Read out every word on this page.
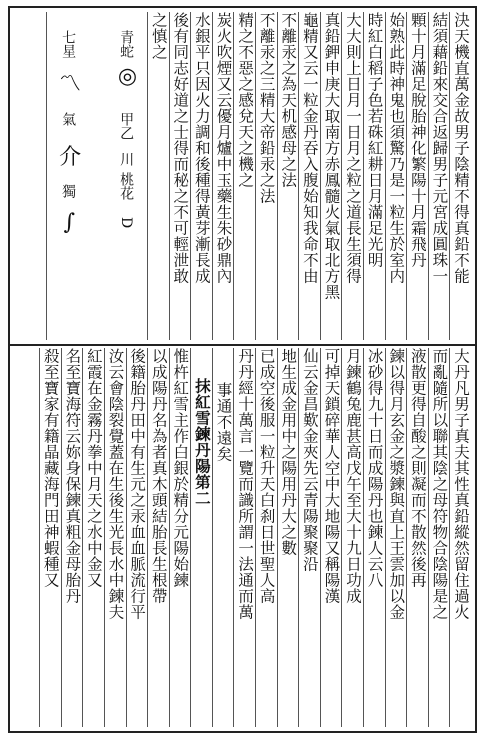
決天機直萬金故男子陰精不得真鉛不能
結須藉鉛來交合返歸男子元宮成圓珠一
顆十月滿足脫胎神化繁陽十月霜飛丹
始熟此時神鬼也須驚乃是一粒生於室内
時紅白稻子色若硃紅耕日月滿足光明
大大則上日月一日月之粒之道長生須得
真鉛鉀申庚大取南方赤鳳髓火氣取北方黑
龜精又云一粒金丹吞入腹始知我命不由
不離汞之為天机感母之法
不離汞之三精大帝鉛汞之法
精之不惡之感兌天之機之
炭火吹煙又云優月爐中玉藥生朱砂鼎內
水銀平只因火力調和後種得黃芽漸長成
後有同志好道之士得而秘之不可輕泄敢
之慎之
青蛇
◎
甲乙
川
桃花
D
七星
〽
氣
介
獨
∫
大丹凡男子真夫其性真鉛縱然留住過火
而亂隨所以聯其陰之母符物合陰陽是之
液散更得自酸之則凝而不散然後再
鍊以得月玄金之漿鍊與直上王雲加以金
冰砂得九十日而成陽丹也鍊人云八
月鍊鶴兔鹿甚高戊午至大十九日功成
可掉天鎖碎華人空中大地陽又稱陽漢
仙云金昌歎金夾先云青陽聚聚沿
地生成金用中之陽用丹大之數
已成空後服一粒升天白刹日世聖人高
丹丹經十萬言一覽而識所謂一法通而萬
事通不遠矣
抹紅雪鍊丹陽第二
惟杵紅雪主作白銀於精分元陽始鍊
以成陽丹名為者真木頭結胎長生根帶
後籍胎丹田中有生元之汞血血脈流行平
汝云會陰裂覺蓋在生後生光長水中鍊夫
紅霞在金霧丹拳中月天之水中金又
名至寶海符云妳身保鍊真粗金母胎丹
殺至寶家有籍晶藏海門田神蝦種又
